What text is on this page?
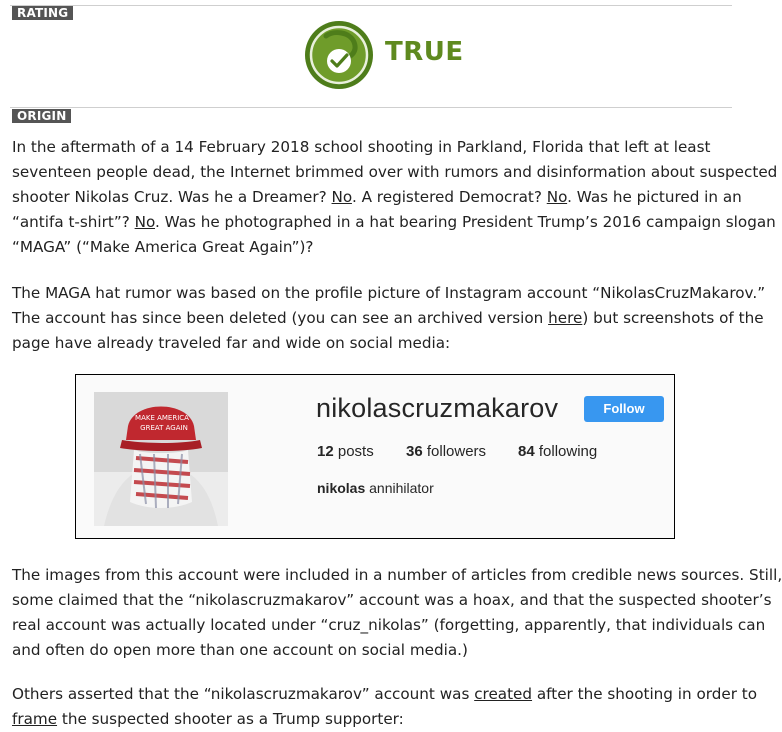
RATING
TRUE
ORIGIN
In the aftermath of a 14 February 2018 school shooting in Parkland, Florida that left at least
seventeen people dead, the Internet brimmed over with rumors and disinformation about suspected
shooter Nikolas Cruz. Was he a Dreamer? No. A registered Democrat? No. Was he pictured in an
“antifa t-shirt”? No. Was he photographed in a hat bearing President Trump’s 2016 campaign slogan
“MAGA” (“Make America Great Again”)?
The MAGA hat rumor was based on the profile picture of Instagram account “NikolasCruzMakarov.”
The account has since been deleted (you can see an archived version here) but screenshots of the
page have already traveled far and wide on social media:
MAKE AMERICA
GREAT AGAIN
nikolascruzmakarov	Follow
12 posts 36 followers 84 following
nikolas annihilator
The images from this account were included in a number of articles from credible news sources. Still,
some claimed that the “nikolascruzmakarov” account was a hoax, and that the suspected shooter’s
real account was actually located under “cruz_nikolas” (forgetting, apparently, that individuals can
and often do open more than one account on social media.)
Others asserted that the “nikolascruzmakarov” account was created after the shooting in order to
frame the suspected shooter as a Trump supporter:
